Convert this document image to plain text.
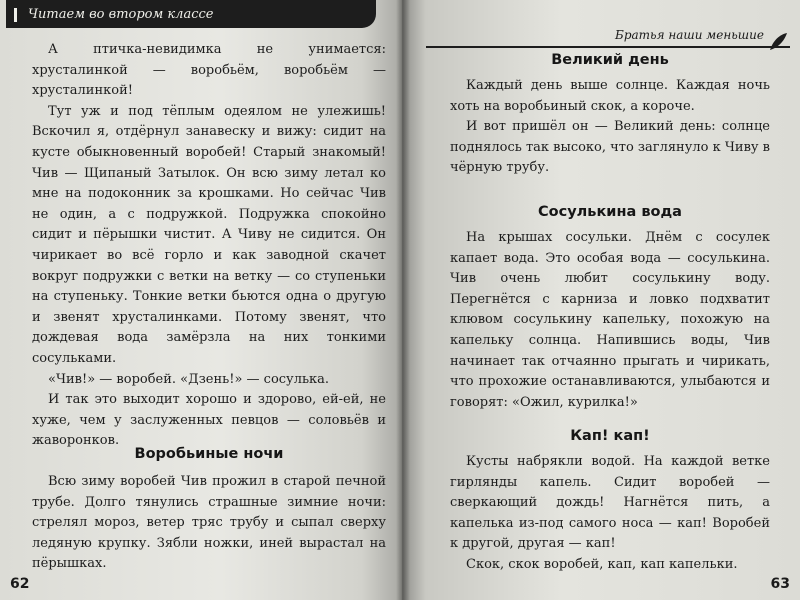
Читаем во втором классе

А птичка-невидимка не унимается: хрусталинкой — воробьём, воробьём — хрусталинкой!

Тут уж и под тёплым одеялом не улежишь! Вскочил я, отдёрнул занавеску и вижу: сидит на кусте обыкновенный воробей! Старый знакомый! Чив — Щипаный Затылок. Он всю зиму летал ко мне на подоконник за крошками. Но сейчас Чив не один, а с подружкой. Подружка спокойно сидит и пёрышки чистит. А Чиву не сидится. Он чирикает во всё горло и как заводной скачет вокруг подружки с ветки на ветку — со ступеньки на ступеньку. Тонкие ветки бьются одна о другую и звенят хрусталинками. Потому звенят, что дождевая вода замёрзла на них тонкими сосульками.

«Чив!» — воробей. «Дзень!» — сосулька.

И так это выходит хорошо и здорово, ей-ей, не хуже, чем у заслуженных певцов — соловьёв и жаворонков.

Воробьиные ночи

Всю зиму воробей Чив прожил в старой печной трубе. Долго тянулись страшные зимние ночи: стрелял мороз, ветер тряс трубу и сыпал сверху ледяную крупку. Зябли ножки, иней вырастал на пёрышках.

62
Братья наши меньшие
Великий день

Каждый день выше солнце. Каждая ночь хоть на воробьиный скок, а короче.

И вот пришёл он — Великий день: солнце поднялось так высоко, что заглянуло к Чиву в чёрную трубу.

Сосулькина вода

На крышах сосульки. Днём с сосулек капает вода. Это особая вода — сосулькина. Чив очень любит сосулькину воду. Перегнётся с карниза и ловко подхватит клювом сосулькину капельку, похожую на капельку солнца. Напившись воды, Чив начинает так отчаянно прыгать и чирикать, что прохожие останавливаются, улыбаются и говорят: «Ожил, курилка!»

Кап! кап!

Кусты набрякли водой. На каждой ветке гирлянды капель. Сидит воробей — сверкающий дождь! Нагнётся пить, а капелька из-под самого носа — кап! Воробей к другой, другая — кап!

Скок, скок воробей, кап, кап капельки.

63
